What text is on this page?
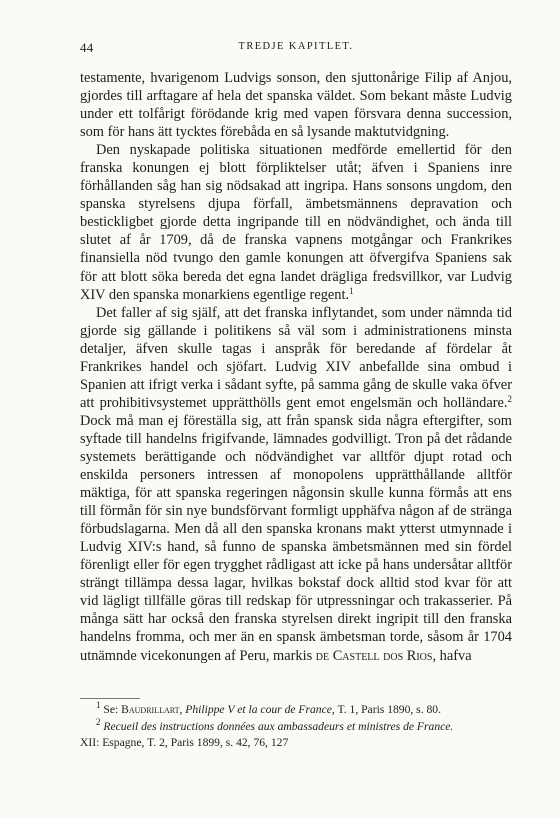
44	TREDJE KAPITLET.

testamente, hvarigenom Ludvigs sonson, den sjuttonårige Filip af Anjou, gjordes till arftagare af hela det spanska väldet. Som bekant måste Ludvig under ett tolfårigt förödande krig med vapen försvara denna succession, som för hans ätt tycktes förebåda en så lysande maktutvidgning.

Den nyskapade politiska situationen medförde emellertid för den franska konungen ej blott förpliktelser utåt; äfven i Spaniens inre förhållanden såg han sig nödsakad att ingripa. Hans sonsons ungdom, den spanska styrelsens djupa förfall, ämbetsmännens depravation och bestickligbet gjorde detta ingripande till en nödvändighet, och ända till slutet af år 1709, då de franska vapnens motgångar och Frankrikes finansiella nöd tvungo den gamle konungen att öfvergifva Spaniens sak för att blott söka bereda det egna landet drägliga fredsvillkor, var Ludvig XIV den spanska monarkiens egentlige regent.$^1$

Det faller af sig själf, att det franska inflytandet, som under nämnda tid gjorde sig gällande i politikens så väl som i administrationens minsta detaljer, äfven skulle tagas i anspråk för beredande af fördelar åt Frankrikes handel och sjöfart. Ludvig XIV anbefallde sina ombud i Spanien att ifrigt verka i sådant syfte, på samma gång de skulle vaka öfver att prohibitivsystemet upprätthölls gent emot engelsmän och holländare.$^2$ Dock må man ej föreställa sig, att från spansk sida några eftergifter, som syftade till handelns frigifvande, lämnades godvilligt. Tron på det rådande systemets berättigande och nödvändighet var alltför djupt rotad och enskilda personers intressen af monopolens upprätthållande alltför mäktiga, för att spanska regeringen någonsin skulle kunna förmås att ens till förmån för sin nye bundsförvant formligt upphäfva någon af de stränga förbudslagarna. Men då all den spanska kronans makt ytterst utmynnade i Ludvig XIV:s hand, så funno de spanska ämbetsmännen med sin fördel förenligt eller för egen trygghet rådligast att icke på hans undersåtar alltför strängt tillämpa dessa lagar, hvilkas bokstaf dock alltid stod kvar för att vid lägligt tillfälle göras till redskap för utpressningar och trakasserier. På många sätt har också den franska styrelsen direkt ingripit till den franska handelns fromma, och mer än en spansk ämbetsman torde, såsom år 1704 utnämnde vicekonungen af Peru, markis de Castell dos Rios, hafva

$^1$ Se: Baudrillart, Philippe V et la cour de France, T. 1, Paris 1890, s. 80.

$^2$ Recueil des instructions données aux ambassadeurs et ministres de France.

XII: Espagne, T. 2, Paris 1899, s. 42, 76, 127
